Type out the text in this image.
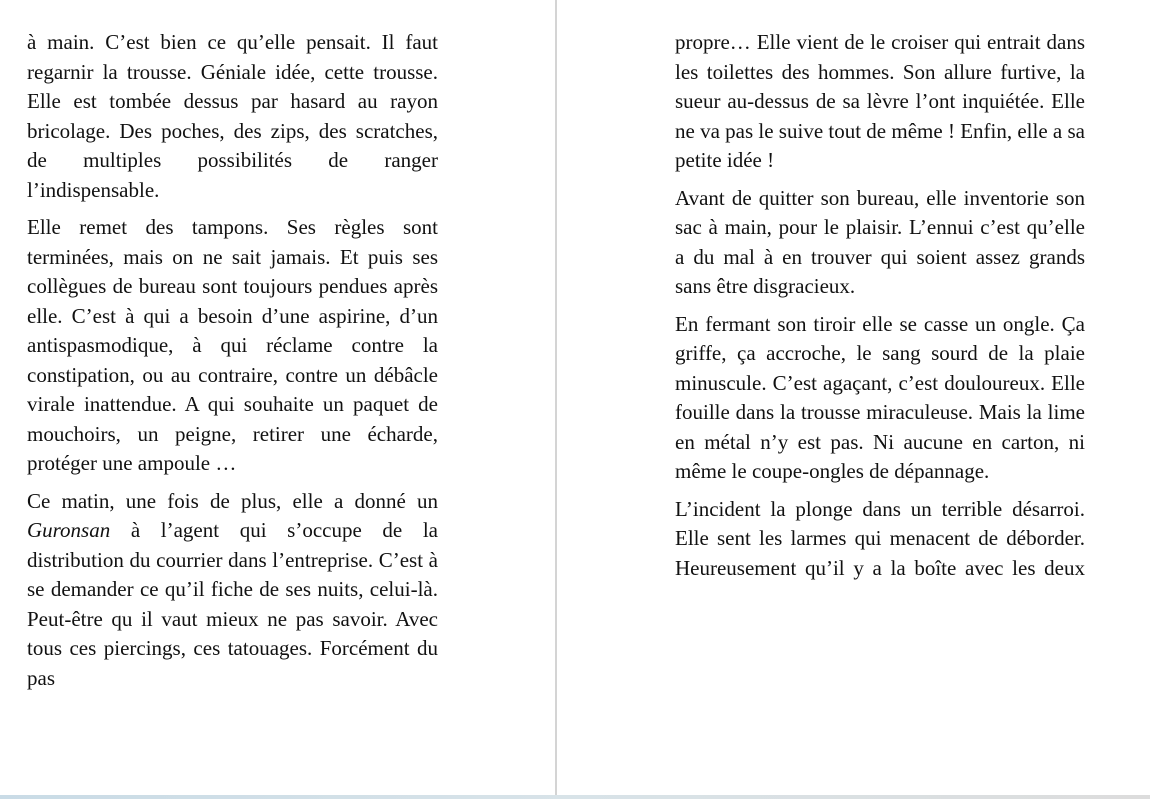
à main. C’est bien ce qu’elle pensait. Il faut regarnir la trousse. Géniale idée, cette trousse. Elle est tombée dessus par hasard au rayon bricolage. Des poches, des zips, des scratches, de multiples possibilités de ranger l’indispensable.

Elle remet des tampons. Ses règles sont terminées, mais on ne sait jamais. Et puis ses collègues de bureau sont toujours pendues après elle. C’est à qui a besoin d’une aspirine, d’un antispasmodique, à qui réclame contre la constipation, ou au contraire, contre un débâcle virale inattendue. A qui souhaite un paquet de mouchoirs, un peigne, retirer une écharde, protéger une ampoule …

Ce matin, une fois de plus, elle a donné un Guronsan à l’agent qui s’occupe de la distribution du courrier dans l’entreprise. C’est à se demander ce qu’il fiche de ses nuits, celui-là. Peut-être qu il vaut mieux ne pas savoir. Avec tous ces piercings, ces tatouages. Forcément du pas

propre… Elle vient de le croiser qui entrait dans les toilettes des hommes. Son allure furtive, la sueur au-dessus de sa lèvre l’ont inquiétée. Elle ne va pas le suive tout de même ! Enfin, elle a sa petite idée !

Avant de quitter son bureau, elle inventorie son sac à main, pour le plaisir. L’ennui c’est qu’elle a du mal à en trouver qui soient assez grands sans être disgracieux.

En fermant son tiroir elle se casse un ongle. Ça griffe, ça accroche, le sang sourd de la plaie minuscule. C’est agaçant, c’est douloureux. Elle fouille dans la trousse miraculeuse. Mais la lime en métal n’y est pas. Ni aucune en carton, ni même le coupe-ongles de dépannage.

L’incident la plonge dans un terrible désarroi. Elle sent les larmes qui menacent de déborder. Heureusement qu’il y a la boîte avec les deux
